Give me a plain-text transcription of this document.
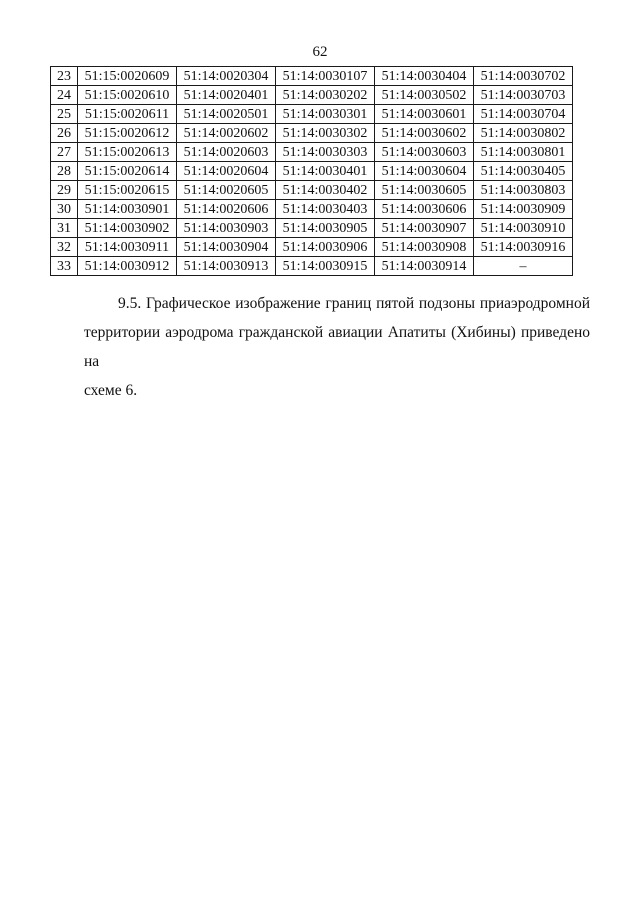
62
23	51:15:0020609	51:14:0020304	51:14:0030107	51:14:0030404	51:14:0030702
24	51:15:0020610	51:14:0020401	51:14:0030202	51:14:0030502	51:14:0030703
25	51:15:0020611	51:14:0020501	51:14:0030301	51:14:0030601	51:14:0030704
26	51:15:0020612	51:14:0020602	51:14:0030302	51:14:0030602	51:14:0030802
27	51:15:0020613	51:14:0020603	51:14:0030303	51:14:0030603	51:14:0030801
28	51:15:0020614	51:14:0020604	51:14:0030401	51:14:0030604	51:14:0030405
29	51:15:0020615	51:14:0020605	51:14:0030402	51:14:0030605	51:14:0030803
30	51:14:0030901	51:14:0020606	51:14:0030403	51:14:0030606	51:14:0030909
31	51:14:0030902	51:14:0030903	51:14:0030905	51:14:0030907	51:14:0030910
32	51:14:0030911	51:14:0030904	51:14:0030906	51:14:0030908	51:14:0030916
33	51:14:0030912	51:14:0030913	51:14:0030915	51:14:0030914	–
9.5. Графическое изображение границ пятой подзоны приаэродромной
территории аэродрома гражданской авиации Апатиты (Хибины) приведено на
схеме 6.
